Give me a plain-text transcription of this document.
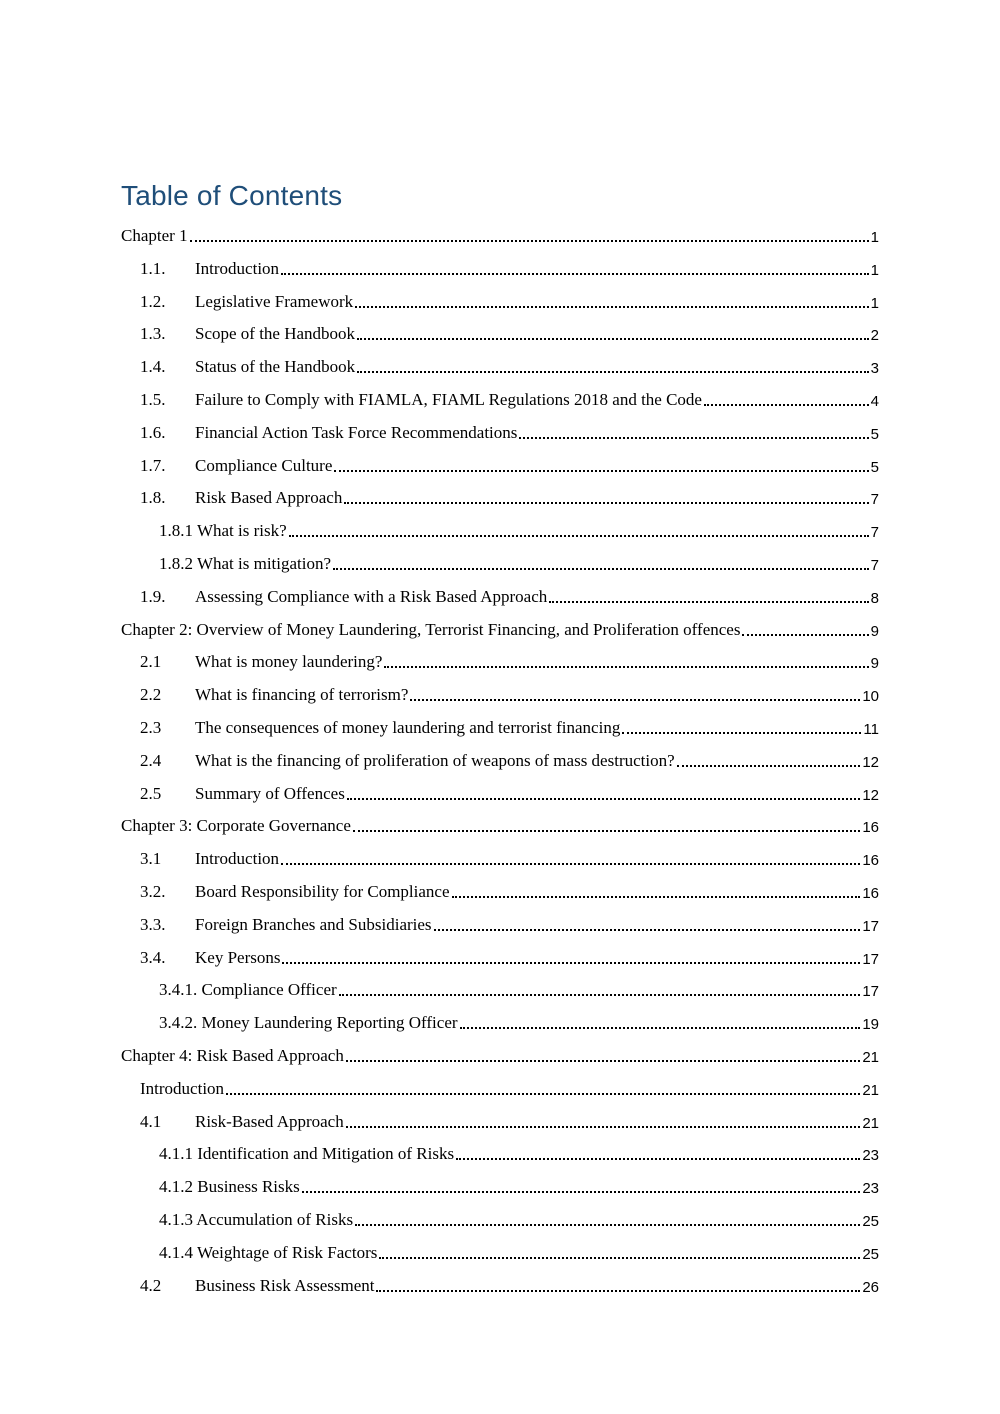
Table of Contents
Chapter 1	1
1.1.	Introduction	1
1.2.	Legislative Framework	1
1.3.	Scope of the Handbook	2
1.4.	Status of the Handbook	3
1.5.	Failure to Comply with FIAMLA, FIAML Regulations 2018 and the Code	4
1.6.	Financial Action Task Force Recommendations	5
1.7.	Compliance Culture	5
1.8.	Risk Based Approach	7
1.8.1 What is risk?	7
1.8.2 What is mitigation?	7
1.9.	Assessing Compliance with a Risk Based Approach	8
Chapter 2: Overview of Money Laundering, Terrorist Financing, and Proliferation offences	9
2.1	What is money laundering?	9
2.2	What is financing of terrorism?	10
2.3	The consequences of money laundering and terrorist financing	11
2.4	What is the financing of proliferation of weapons of mass destruction?	12
2.5	Summary of Offences	12
Chapter 3: Corporate Governance	16
3.1	Introduction	16
3.2.	Board Responsibility for Compliance	16
3.3.	Foreign Branches and Subsidiaries	17
3.4.	Key Persons	17
3.4.1. Compliance Officer	17
3.4.2. Money Laundering Reporting Officer	19
Chapter 4: Risk Based Approach	21
Introduction	21
4.1	Risk-Based Approach	21
4.1.1 Identification and Mitigation of Risks	23
4.1.2 Business Risks	23
4.1.3 Accumulation of Risks	25
4.1.4 Weightage of Risk Factors	25
4.2	Business Risk Assessment	26
